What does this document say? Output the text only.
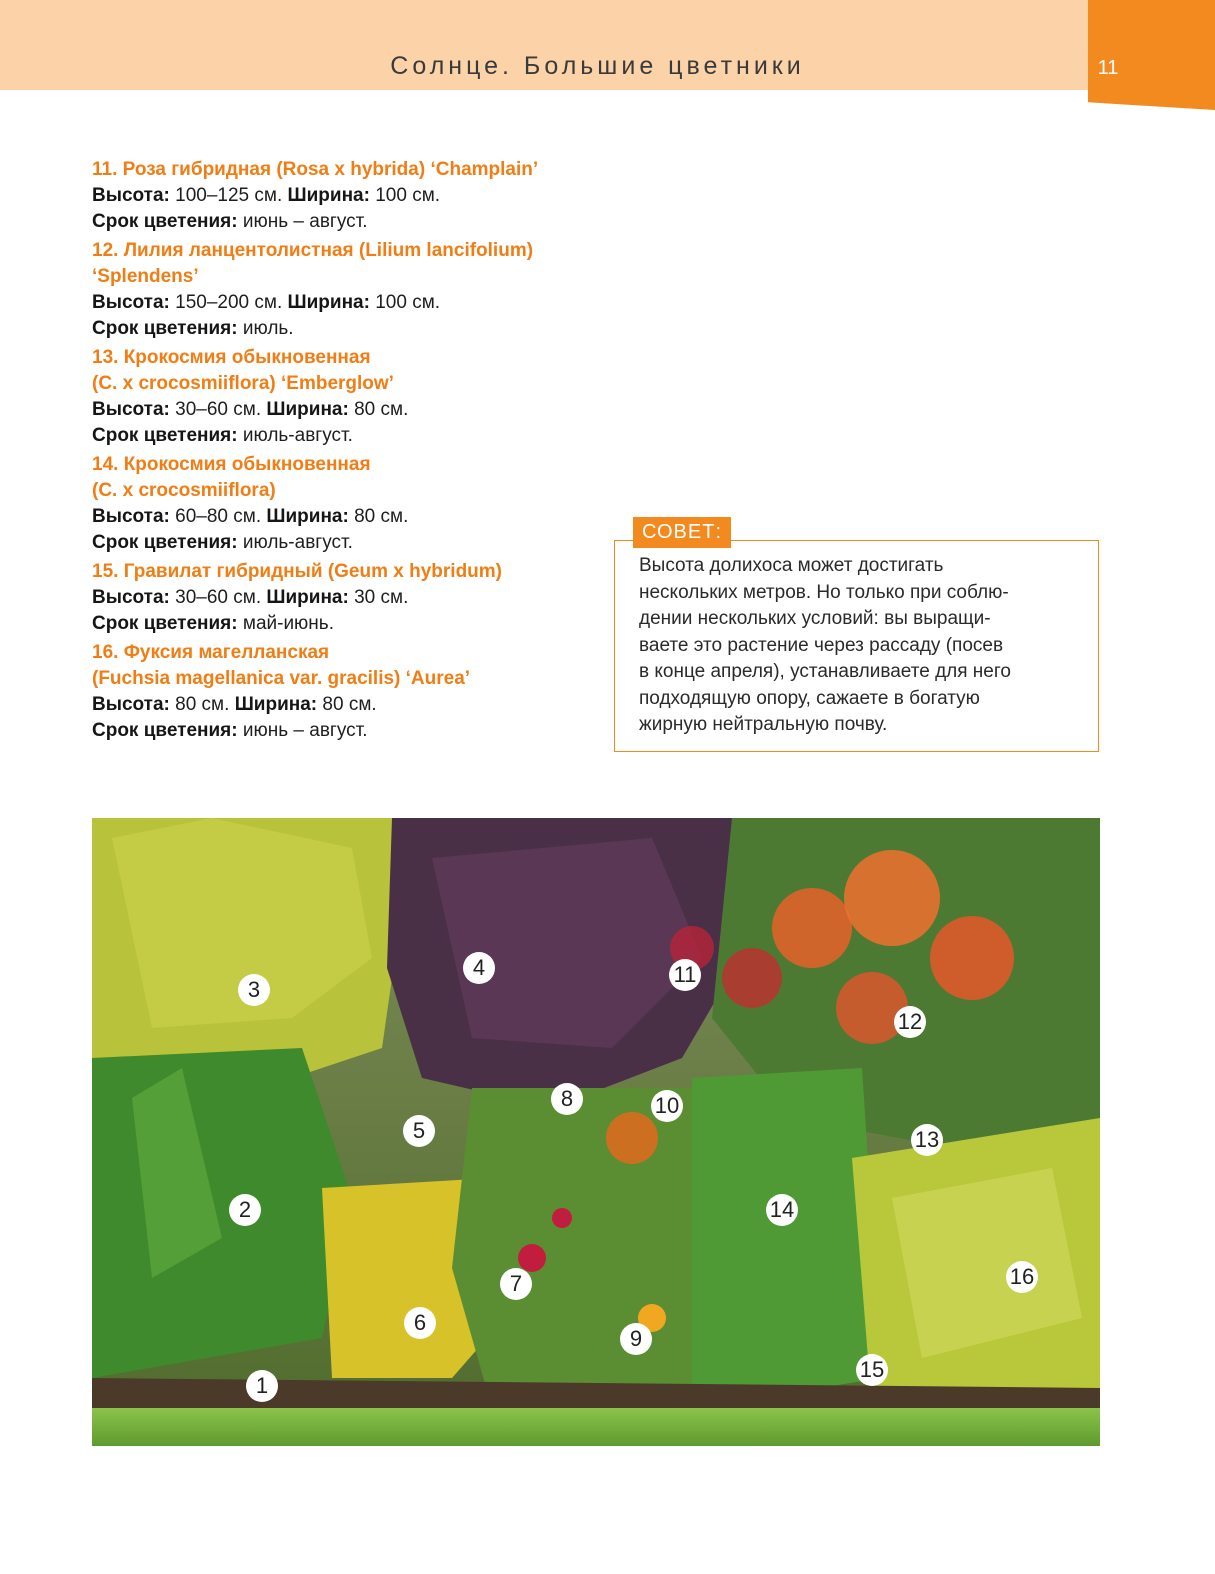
Солнце. Большие цветники	11
11. Роза гибридная (Rosa x hybrida) ‘Champlain’
Высота: 100–125 см. Ширина: 100 см.
Срок цветения: июнь – август.
12. Лилия ланцентолистная (Lilium lancifolium)
‘Splendens’
Высота: 150–200 см. Ширина: 100 см.
Срок цветения: июль.
13. Крокосмия обыкновенная
(C. x crocosmiiflora) ‘Emberglow’
Высота: 30–60 см. Ширина: 80 см.
Срок цветения: июль-август.
14. Крокосмия обыкновенная
(C. x crocosmiiflora)
Высота: 60–80 см. Ширина: 80 см.
Срок цветения: июль-август.
15. Гравилат гибридный (Geum x hybridum)
Высота: 30–60 см. Ширина: 30 см.
Срок цветения: май-июнь.
16. Фуксия магелланская
(Fuchsia magellanica var. gracilis) ‘Aurea’
Высота: 80 см. Ширина: 80 см.
Срок цветения: июнь – август.
СОВЕТ:
Высота долихоса может достигать
нескольких метров. Но только при соблю-
дении нескольких условий: вы выращи-
ваете это растение через рассаду (посев
в конце апреля), устанавливаете для него
подходящую опору, сажаете в богатую
жирную нейтральную почву.
1
2
3
4
5
6
7
8
9
10
11
12
13
14
15
16
